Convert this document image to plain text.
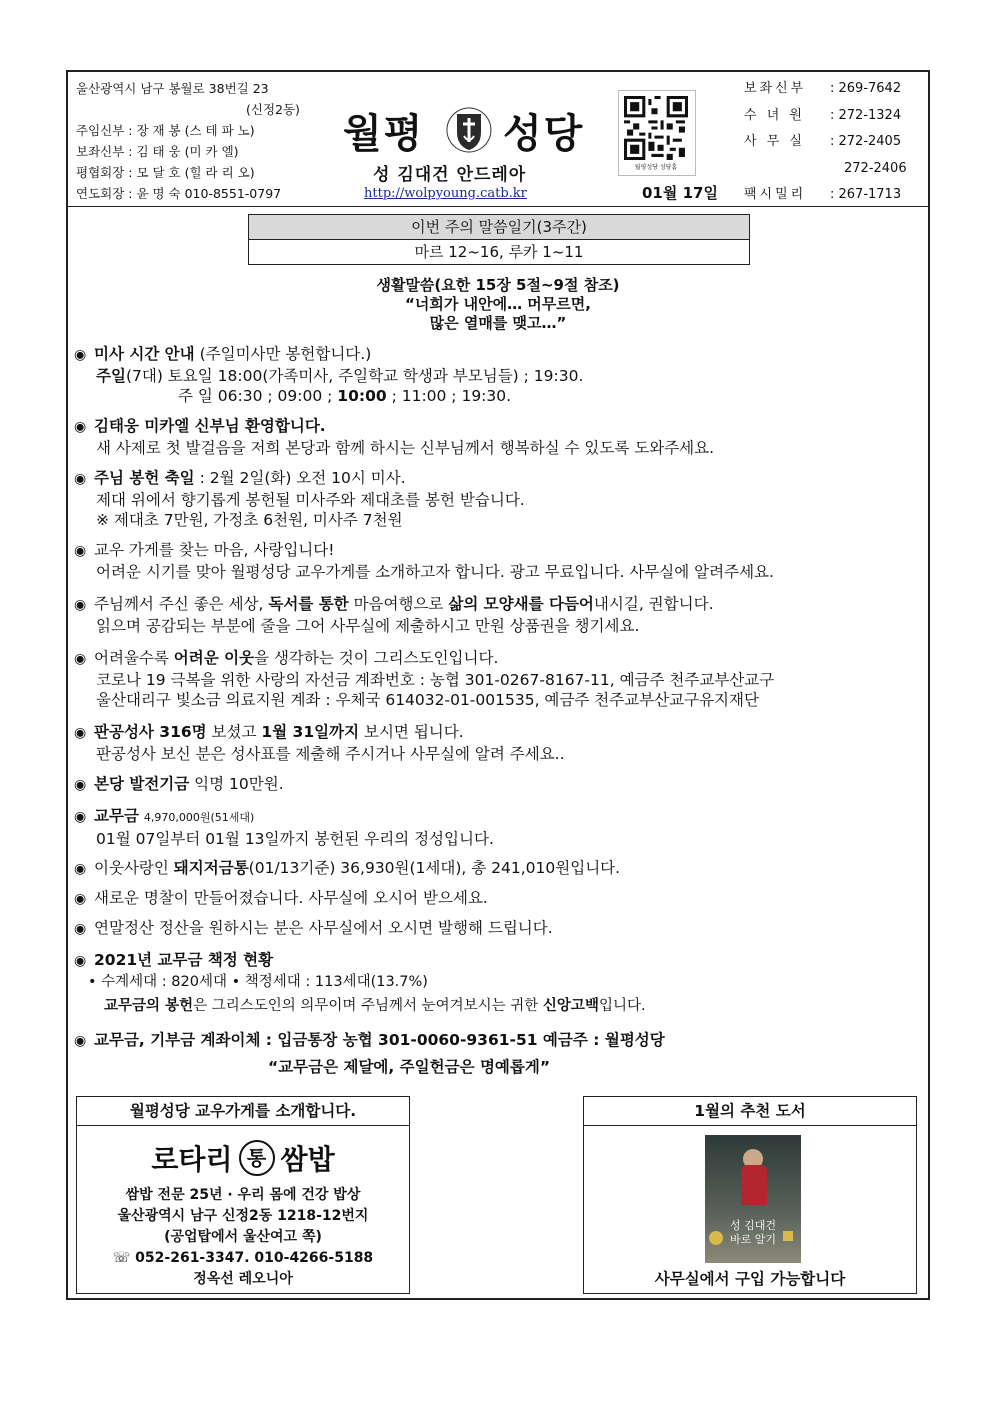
울산광역시 남구 봉월로 38번길 23
(신정2동)
주임신부 : 장 재 봉 (스 테 파 노)
보좌신부 : 김 태 웅 (미 카 엘)
평협회장 : 모 달 호 (힐 라 리 오)
연도회장 : 윤 명 숙 010-8551-0797
월평 성당
성 김대건 안드레아
http://wolpyoung.catb.kr
월평성당 성당홈
01월 17일
보좌신부	: 269-7642
수 녀 원	: 272-1324
사 무 실	: 272-2405
272-2406
팩시밀리	: 267-1713
이번 주의 말씀일기(3주간)
마르 12~16, 루카 1~11
생활말씀(요한 15장 5절~9절 참조)
“너희가 내안에… 머무르면,
많은 열매를 맺고…”
◉ 미사 시간 안내 (주일미사만 봉헌합니다.)
주일(7대) 토요일 18:00(가족미사, 주일학교 학생과 부모님들) ; 19:30.
주 일 06:30 ; 09:00 ; 10:00 ; 11:00 ; 19:30.
◉ 김태웅 미카엘 신부님 환영합니다.
새 사제로 첫 발걸음을 저희 본당과 함께 하시는 신부님께서 행복하실 수 있도록 도와주세요.
◉ 주님 봉헌 축일 : 2월 2일(화) 오전 10시 미사.
제대 위에서 향기롭게 봉헌될 미사주와 제대초를 봉헌 받습니다.
※ 제대초 7만원, 가정초 6천원, 미사주 7천원
◉ 교우 가게를 찾는 마음, 사랑입니다!
어려운 시기를 맞아 월평성당 교우가게를 소개하고자 합니다. 광고 무료입니다. 사무실에 알려주세요.
◉ 주님께서 주신 좋은 세상, 독서를 통한 마음여행으로 삶의 모양새를 다듬어내시길, 권합니다.
읽으며 공감되는 부분에 줄을 그어 사무실에 제출하시고 만원 상품권을 챙기세요.
◉ 어려울수록 어려운 이웃을 생각하는 것이 그리스도인입니다.
코로나 19 극복을 위한 사랑의 자선금 계좌번호 : 농협 301-0267-8167-11, 예금주 천주교부산교구
울산대리구 빛소금 의료지원 계좌 : 우체국 614032-01-001535, 예금주 천주교부산교구유지재단
◉ 판공성사 316명 보셨고 1월 31일까지 보시면 됩니다.
판공성사 보신 분은 성사표를 제출해 주시거나 사무실에 알려 주세요..
◉ 본당 발전기금 익명 10만원.
◉ 교무금 4,970,000원(51세대)
01월 07일부터 01월 13일까지 봉헌된 우리의 정성입니다.
◉ 이웃사랑인 돼지저금통(01/13기준) 36,930원(1세대), 총 241,010원입니다.
◉ 새로운 명찰이 만들어졌습니다. 사무실에 오시어 받으세요.
◉ 연말정산 정산을 원하시는 분은 사무실에서 오시면 발행해 드립니다.
◉ 2021년 교무금 책정 현황
• 수계세대 : 820세대 • 책정세대 : 113세대(13.7%)
교무금의 봉헌은 그리스도인의 의무이며 주님께서 눈여겨보시는 귀한 신앙고백입니다.
◉ 교무금, 기부금 계좌이체 : 입금통장 농협 301-0060-9361-51 예금주 : 월평성당
“교무금은 제달에, 주일헌금은 명예롭게”
월평성당 교우가게를 소개합니다.
로타리 통 쌈밥
쌈밥 전문 25년 · 우리 몸에 건강 밥상
울산광역시 남구 신정2동 1218-12번지
(공업탑에서 울산여고 쪽)
☏ 052-261-3347. 010-4266-5188
정옥선 레오니아
1월의 추천 도서
성 김대건
바로 알기
사무실에서 구입 가능합니다
